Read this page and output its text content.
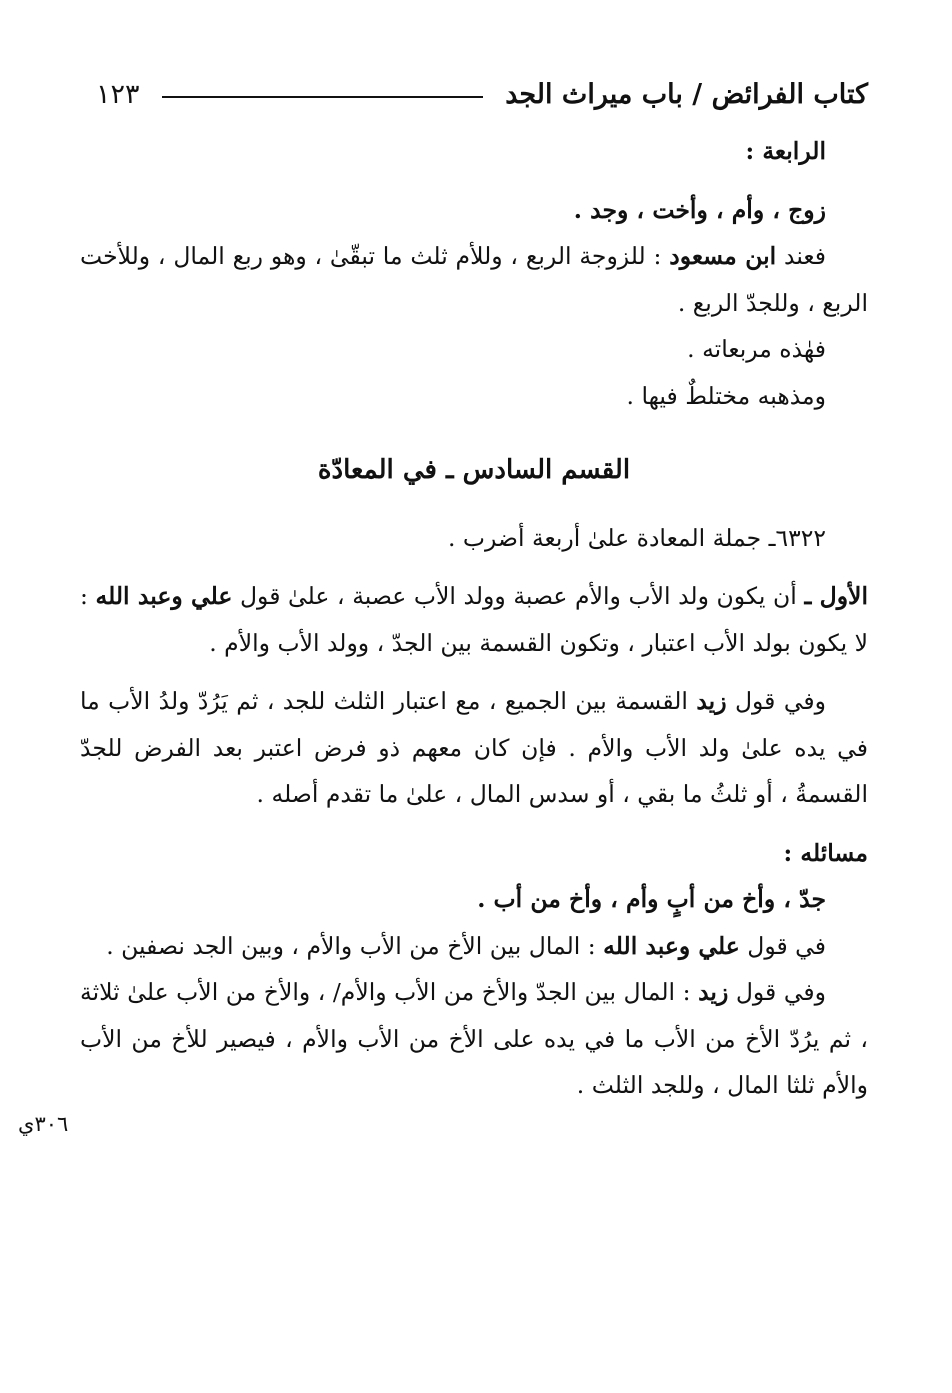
كتاب الفرائض / باب ميراث الجد
١٢٣
٣٠٦ي

الرابعة :

زوج ، وأم ، وأخت ، وجد .

فعند ابن مسعود : للزوجة الربع ، وللأم ثلث ما تبقّىٰ ، وهو ربع المال ، وللأخت الربع ، وللجدّ الربع .

فهٰذه مربعاته .

ومذهبه مختلطٌ فيها .

القسم السادس ـ في المعادّة

٦٣٢٢ـ جملة المعادة علىٰ أربعة أضرب .

الأول ـ أن يكون ولد الأب والأم عصبة وولد الأب عصبة ، علىٰ قول علي وعبد الله : لا يكون بولد الأب اعتبار ، وتكون القسمة بين الجدّ ، وولد الأب والأم .

وفي قول زيد القسمة بين الجميع ، مع اعتبار الثلث للجد ، ثم يَرُدّ ولدُ الأب ما في يده علىٰ ولد الأب والأم . فإن كان معهم ذو فرض اعتبر بعد الفرض للجدّ القسمةُ ، أو ثلثُ ما بقي ، أو سدس المال ، علىٰ ما تقدم أصله .

مسائله :

جدّ ، وأخ من أبٍ وأم ، وأخ من أب .

في قول علي وعبد الله : المال بين الأخ من الأب والأم ، وبين الجد نصفين .

وفي قول زيد : المال بين الجدّ والأخ من الأب والأم/ ، والأخ من الأب علىٰ ثلاثة ، ثم يرُدّ الأخ من الأب ما في يده على الأخ من الأب والأم ، فيصير للأخ من الأب والأم ثلثا المال ، وللجد الثلث .
